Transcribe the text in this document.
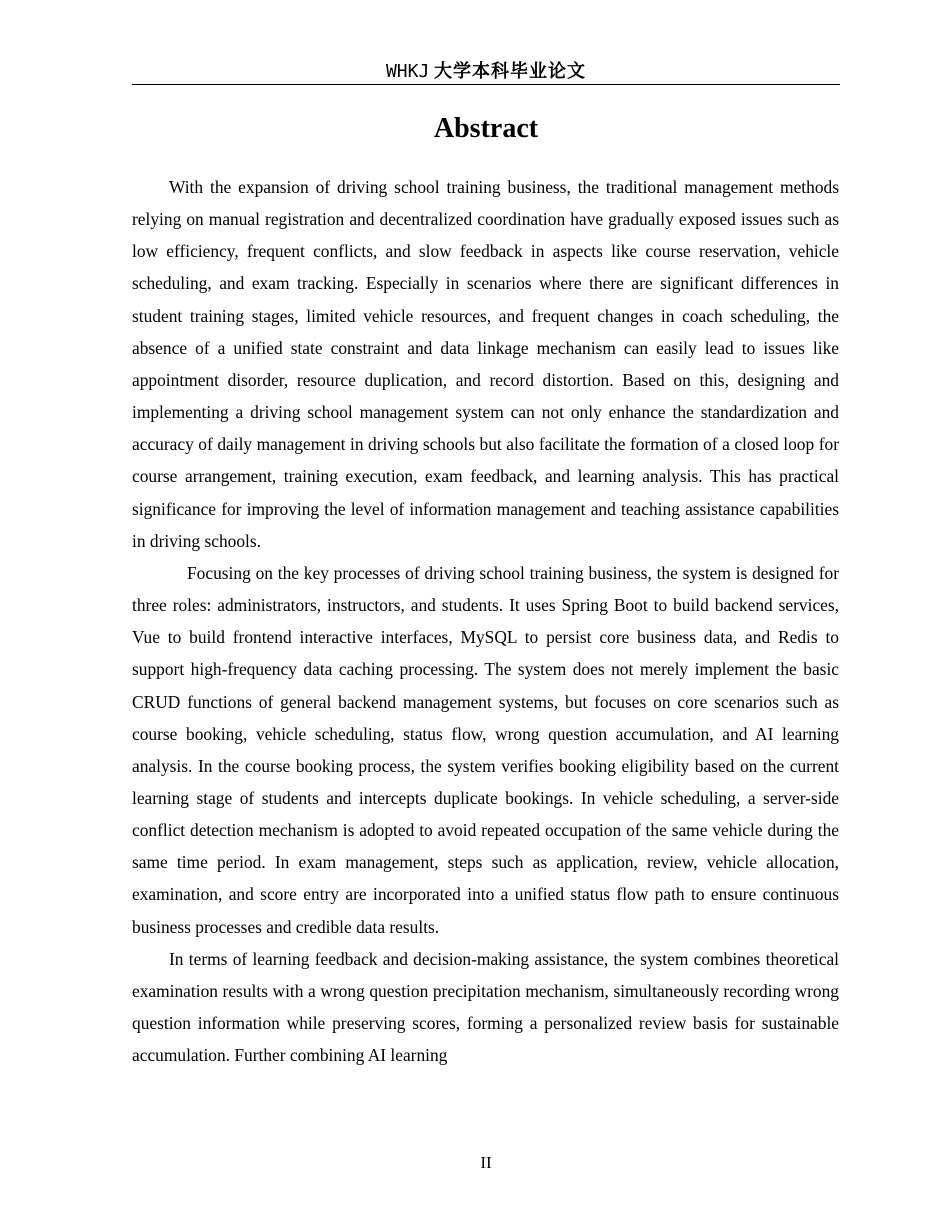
WHKJ 大学本科毕业论文
Abstract

With the expansion of driving school training business, the traditional management methods relying on manual registration and decentralized coordination have gradually exposed issues such as low efficiency, frequent conflicts, and slow feedback in aspects like course reservation, vehicle scheduling, and exam tracking. Especially in scenarios where there are significant differences in student training stages, limited vehicle resources, and frequent changes in coach scheduling, the absence of a unified state constraint and data linkage mechanism can easily lead to issues like appointment disorder, resource duplication, and record distortion. Based on this, designing and implementing a driving school management system can not only enhance the standardization and accuracy of daily management in driving schools but also facilitate the formation of a closed loop for course arrangement, training execution, exam feedback, and learning analysis. This has practical significance for improving the level of information management and teaching assistance capabilities in driving schools.

Focusing on the key processes of driving school training business, the system is designed for three roles: administrators, instructors, and students. It uses Spring Boot to build backend services, Vue to build frontend interactive interfaces, MySQL to persist core business data, and Redis to support high-frequency data caching processing. The system does not merely implement the basic CRUD functions of general backend management systems, but focuses on core scenarios such as course booking, vehicle scheduling, status flow, wrong question accumulation, and AI learning analysis. In the course booking process, the system verifies booking eligibility based on the current learning stage of students and intercepts duplicate bookings. In vehicle scheduling, a server-side conflict detection mechanism is adopted to avoid repeated occupation of the same vehicle during the same time period. In exam management, steps such as application, review, vehicle allocation, examination, and score entry are incorporated into a unified status flow path to ensure continuous business processes and credible data results.

In terms of learning feedback and decision-making assistance, the system combines theoretical examination results with a wrong question precipitation mechanism, simultaneously recording wrong question information while preserving scores, forming a personalized review basis for sustainable accumulation. Further combining AI learning

II
